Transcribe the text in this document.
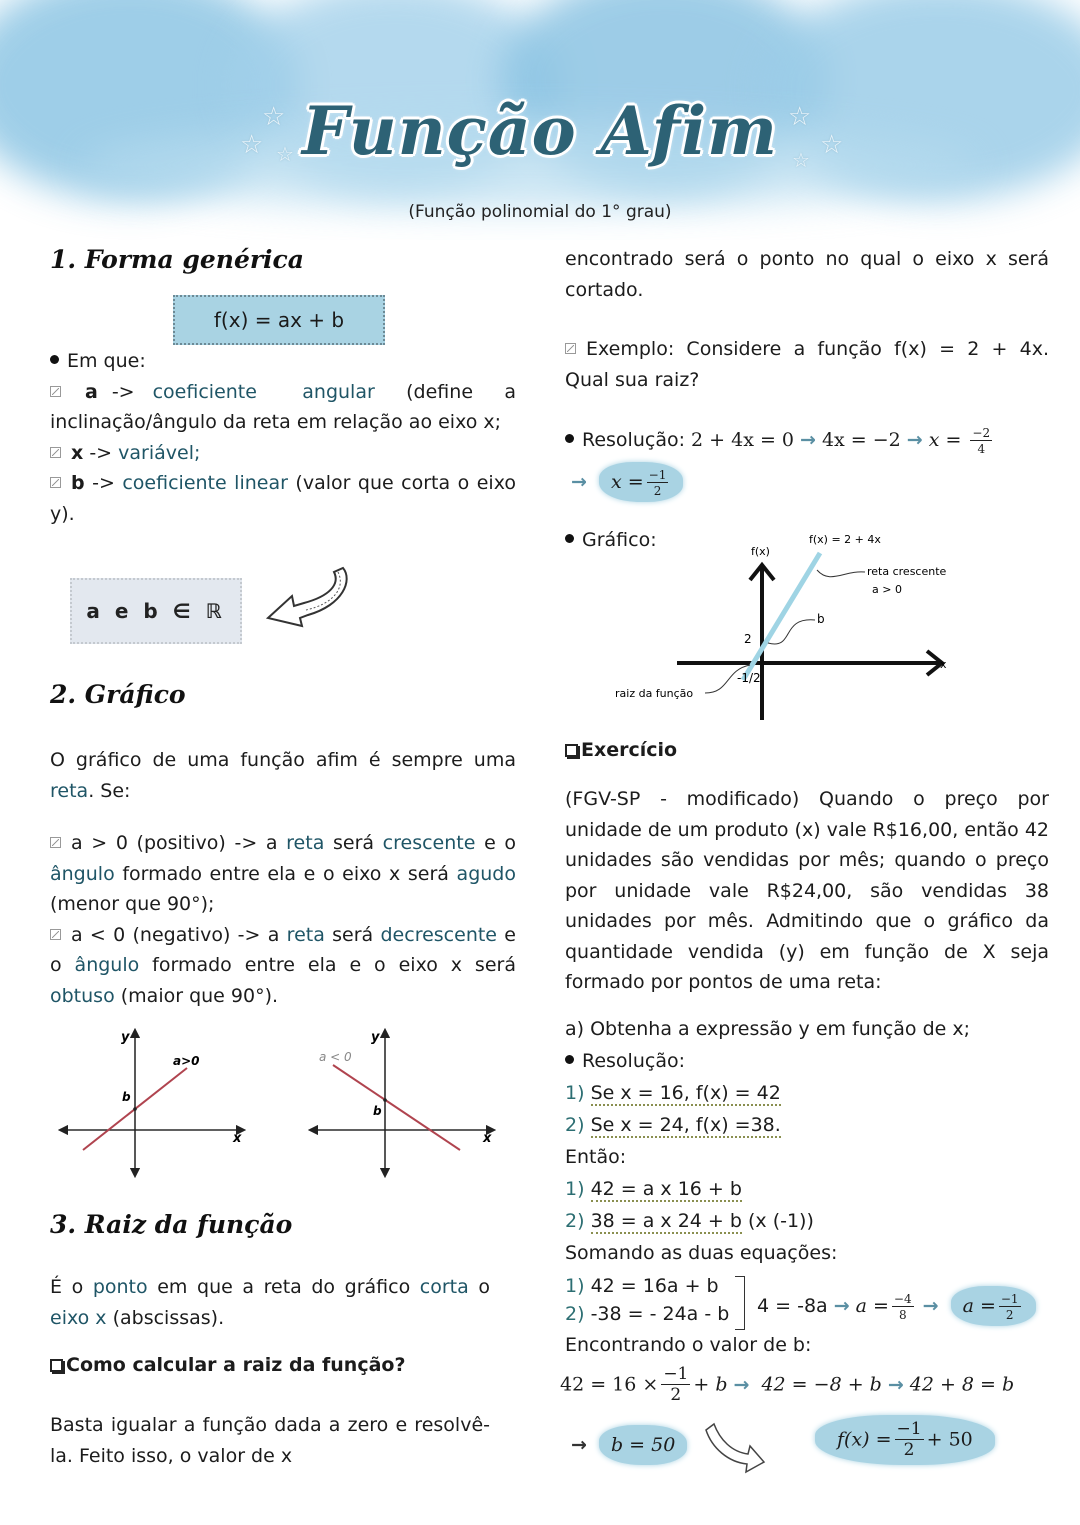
☆
☆ ☆
☆
☆
☆
Função Afim
(Função polinomial do 1° grau)
1. Forma genérica
f(x) = ax + b
Em que:
a -> coeficiente angular (define a inclinação/ângulo da reta em relação ao eixo x;
x -> variável;
b -> coeficiente linear (valor que corta o eixo y).
a e b ∈ ℝ
2. Gráfico
O gráfico de uma função afim é sempre uma reta. Se:
a > 0 (positivo) -> a reta será crescente e o ângulo formado entre ela e o eixo x será agudo (menor que 90°);
a < 0 (negativo) -> a reta será decrescente e o ângulo formado entre ela e o eixo x será obtuso (maior que 90°).
y
x
b
a>0
y
x
b
a < 0
3. Raiz da função
É o ponto em que a reta do gráfico corta o eixo x (abscissas).
Como calcular a raiz da função?
Basta igualar a função dada a zero e resolvê-la. Feito isso, o valor de x
encontrado será o ponto no qual o eixo x será cortado.
Exemplo: Considere a função f(x) = 2 + 4x. Qual sua raiz?
Resolução: $2 + 4x = 0 \to 4x = -2 \to x = \frac{-2}{4}$
→ $x = \frac{-1}{2}$
Gráfico:
f(x)
f(x) = 2 + 4x
reta crescente
a > 0
b
2
-1/2
x
raiz da função
Exercício
(FGV-SP - modificado) Quando o preço por unidade de um produto (x) vale R$16,00, então 42 unidades são vendidas por mês; quando o preço por unidade vale R$24,00, são vendidas 38 unidades por mês. Admitindo que o gráfico da quantidade vendida (y) em função de X seja formado por pontos de uma reta:
a) Obtenha a expressão y em função de x;
Resolução:
1) Se x = 16, f(x) = 42
2) Se x = 24, f(x) =38.
Então:
1) 42 = a x 16 + b
2) 38 = a x 24 + b (x (-1))
Somando as duas equações:
1) 42 = 16a + b
2) -38 = - 24a - b	$4 = -8a \to a = \frac{-4}{8} \to a = \frac{-1}{2}$
Encontrando o valor de b:
$42 = 16 \times \frac{-1}{2} + b \to 42 = -8 + b \to 42 + 8 = b$
→ b = 50	$f(x) = \frac{-1}{2} + 50$
